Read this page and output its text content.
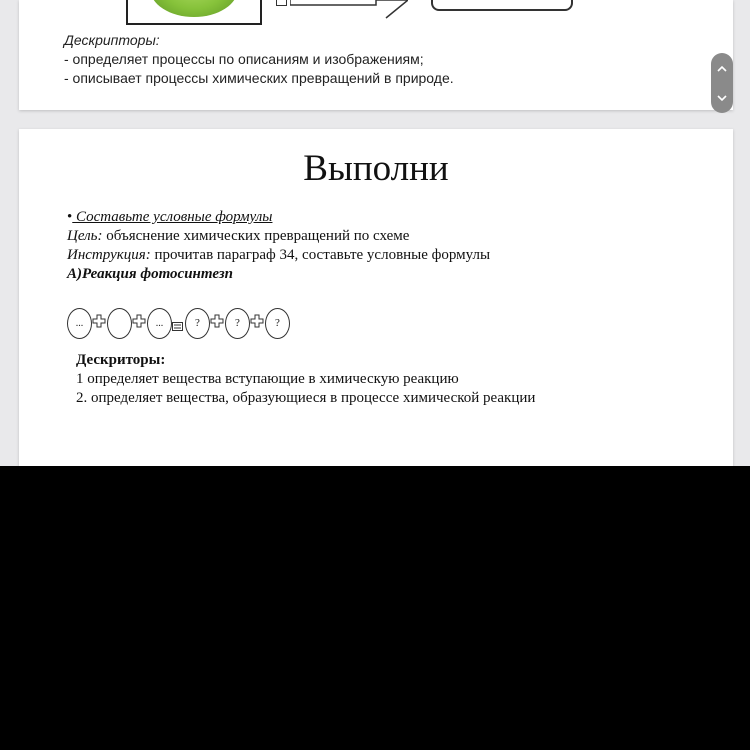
Дескрипторы:
- определяет процессы по описаниям и изображениям;
- описывает процессы химических превращений в природе.
Выполни
• Составьте условные формулы
Цель: объяснение химических превращений по схеме
Инструкция: прочитав параграф 34, составьте условные формулы
А)Реакция фотосинтезп
...	...	?	?	?
Дескриторы:
1 определяет вещества вступающие в химическую реакцию
2. определяет вещества, образующиеся в процессе химической реакции
